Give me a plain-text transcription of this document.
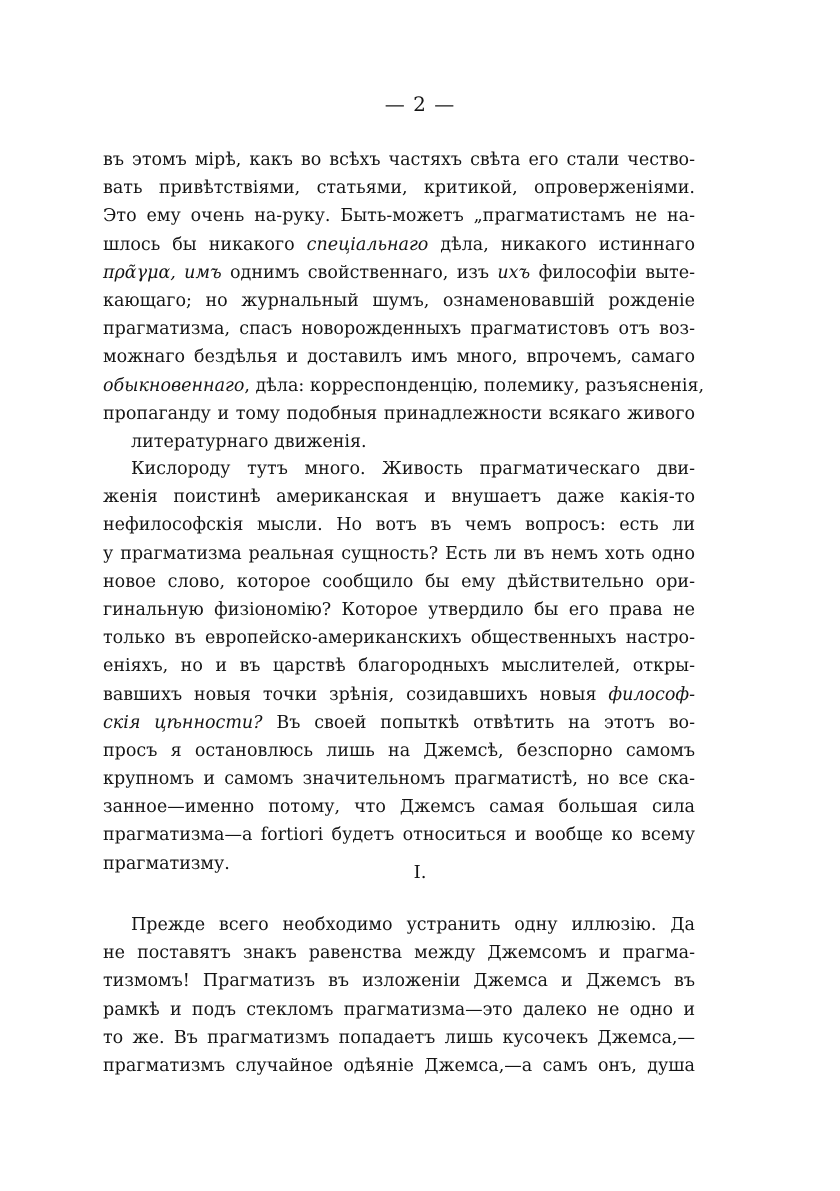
— 2 —
въ этомъ мірѣ, какъ во всѣхъ частяхъ свѣта его стали чество-
вать привѣтствіями, статьями, критикой, опроверженіями.
Это ему очень на-руку. Быть-можетъ „прагматистамъ не на-
шлось бы никакого спеціальнаго дѣла, никакого истиннаго
πρᾶγμα, имъ однимъ свойственнаго, изъ ихъ философіи выте-
кающаго; но журнальный шумъ, ознаменовавшій рожденіе
прагматизма, спасъ новорожденныхъ прагматистовъ отъ воз-
можнаго бездѣлья и доставилъ имъ много, впрочемъ, самаго
обыкновеннаго, дѣла: корреспонденцію, полемику, разъясненія,
пропаганду и тому подобныя принадлежности всякаго живого
литературнаго движенія.
Кислороду тутъ много. Живость прагматическаго дви-
женія поистинѣ американская и внушаетъ даже какія-то
нефилософскія мысли. Но вотъ въ чемъ вопросъ: есть ли
у прагматизма реальная сущность? Есть ли въ немъ хоть одно
новое слово, которое сообщило бы ему дѣйствительно ори-
гинальную физіономію? Которое утвердило бы его права не
только въ европейско-американскихъ общественныхъ настро-
еніяхъ, но и въ царствѣ благородныхъ мыслителей, откры-
вавшихъ новыя точки зрѣнія, созидавшихъ новыя философ-
скія цѣнности? Въ своей попыткѣ отвѣтить на этотъ во-
просъ я остановлюсь лишь на Джемсѣ, безспорно самомъ
крупномъ и самомъ значительномъ прагматистѣ, но все ска-
занное—именно потому, что Джемсъ самая большая сила
прагматизма—a fortiori будетъ относиться и вообще ко всему
прагматизму.	I.
Прежде всего необходимо устранить одну иллюзію. Да
не поставятъ знакъ равенства между Джемсомъ и прагма-
тизмомъ! Прагматизъ въ изложеніи Джемса и Джемсъ въ
рамкѣ и подъ стекломъ прагматизма—это далеко не одно и
то же. Въ прагматизмъ попадаетъ лишь кусочекъ Джемса,—
прагматизмъ случайное одѣяніе Джемса,—а самъ онъ, душа
